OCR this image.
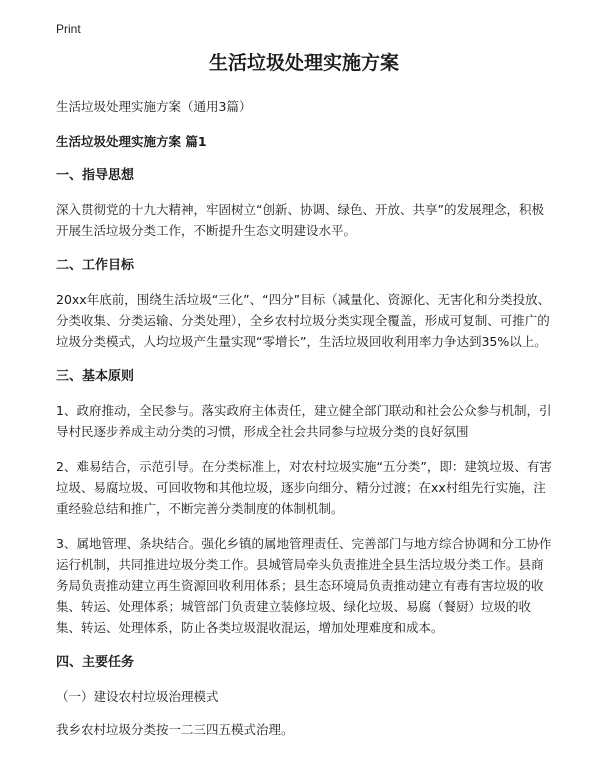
Print
生活垃圾处理实施方案
生活垃圾处理实施方案（通用3篇）
生活垃圾处理实施方案 篇1
一、指导思想
深入贯彻党的十九大精神，牢固树立“创新、协调、绿色、开放、共享”的发展理念，积极开展生活垃圾分类工作，不断提升生态文明建设水平。
二、工作目标
20xx年底前，围绕生活垃圾“三化”、“四分”目标（减量化、资源化、无害化和分类投放、分类收集、分类运输、分类处理），全乡农村垃圾分类实现全覆盖，形成可复制、可推广的垃圾分类模式，人均垃圾产生量实现“零增长”，生活垃圾回收利用率力争达到35%以上。
三、基本原则
1、政府推动，全民参与。落实政府主体责任，建立健全部门联动和社会公众参与机制，引导村民逐步养成主动分类的习惯，形成全社会共同参与垃圾分类的良好氛围
2、难易结合，示范引导。在分类标准上，对农村垃圾实施“五分类”，即：建筑垃圾、有害垃圾、易腐垃圾、可回收物和其他垃圾，逐步向细分、精分过渡；在xx村组先行实施，注重经验总结和推广，不断完善分类制度的体制机制。
3、属地管理、条块结合。强化乡镇的属地管理责任、完善部门与地方综合协调和分工协作运行机制，共同推进垃圾分类工作。县城管局牵头负责推进全县生活垃圾分类工作。县商务局负责推动建立再生资源回收利用体系；县生态环境局负责推动建立有毒有害垃圾的收集、转运、处理体系；城管部门负责建立装修垃圾、绿化垃圾、易腐（餐厨）垃圾的收集、转运、处理体系，防止各类垃圾混收混运，增加处理难度和成本。
四、主要任务
（一）建设农村垃圾治理模式
我乡农村垃圾分类按一二三四五模式治理。
